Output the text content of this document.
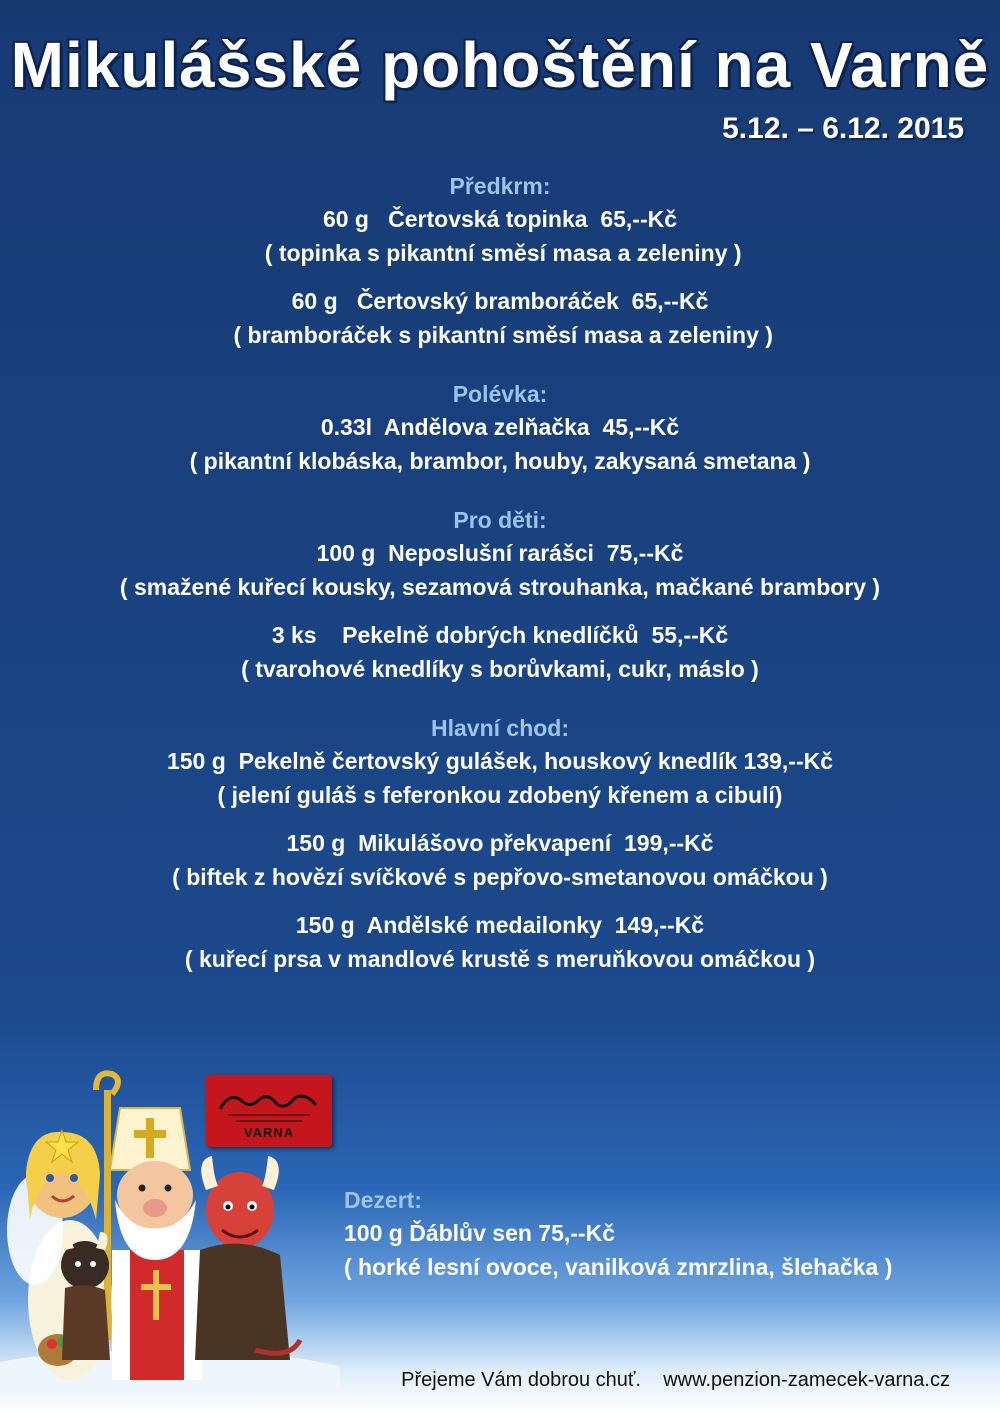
Mikulášské pohoštění na Varně
5.12. – 6.12. 2015
Předkrm:
60 g   Čertovská topinka  65,--Kč
( topinka s pikantní směsí masa a zeleniny )
60 g   Čertovský bramboráček  65,--Kč
( bramboráček s pikantní směsí masa a zeleniny )
Polévka:
0.33l  Andělova zelňačka  45,--Kč
( pikantní klobáska, brambor, houby, zakysaná smetana )
Pro děti:
100 g  Neposlušní rarášci  75,--Kč
( smažené kuřecí kousky, sezamová strouhanka, mačkané brambory )
3 ks    Pekelně dobrých knedlíčků  55,--Kč
( tvarohové knedlíky s borůvkami, cukr, máslo )
Hlavní chod:
150 g  Pekelně čertovský gulášek, houskový knedlík 139,--Kč
( jelení guláš s feferonkou zdobený křenem a cibulí)
150 g  Mikulášovo překvapení  199,--Kč
( biftek z hovězí svíčkové s pepřovo-smetanovou omáčkou )
150 g  Andělské medailonky  149,--Kč
( kuřecí prsa v mandlové krustě s meruňkovou omáčkou )
VARNA
Dezert:
100 g Ďáblův sen 75,--Kč
( horké lesní ovoce, vanilková zmrzlina, šlehačka )
Přejeme Vám dobrou chuť.    www.penzion-zamecek-varna.cz
